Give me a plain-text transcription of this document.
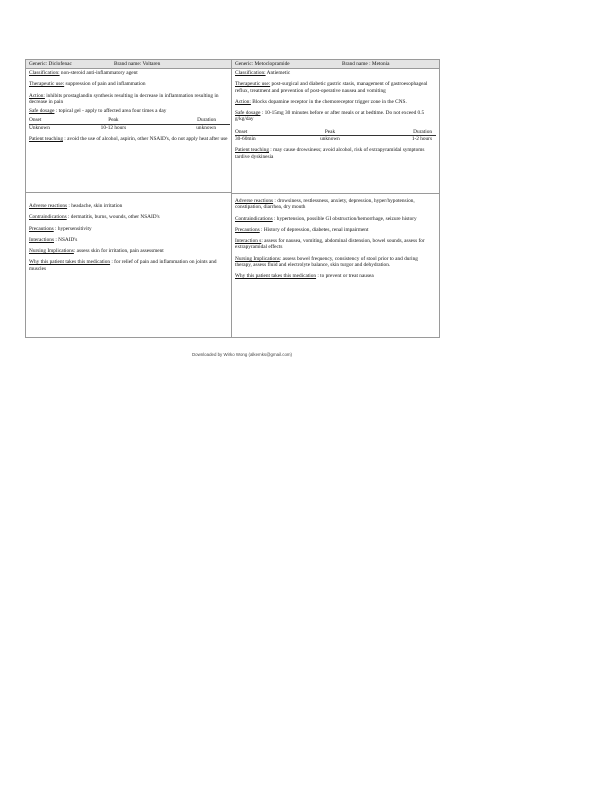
Generic: Diclofenac	Brand name: Voltaren
Classification: non-steroid anti-inflammatory agent
Therapeutic use: suppression of pain and inflammation
Action: inhibits prostaglandin synthesis resulting in decrease in inflammation resulting in decrease in pain
Safe dosage : topical gel - apply to affected area four times a day
Onset	Peak	Duration
Unknown	10-12 hours	unknown
Patient teaching : avoid the use of alcohol, aspirin, other NSAID's, do not apply heat after use
Adverse reactions : headache, skin irritation
Contraindications : dermatitis, burns, wounds, other NSAID's
Precautions : hypersensitivity
Interactions : NSAID's
Nursing Implications: assess skin for irritation, pain assessment
Why this patient takes this medication : for relief of pain and inflammation on joints and muscles
Generic: Metoclopramide	Brand name : Metonia
Classification: Antiemetic
Therapeutic use: post-surgical and diabetic gastric stasis, management of gastroesophageal reflux, treatment and prevention of post-operative nausea and vomiting
Action: Blocks dopamine receptor in the chemoreceptor trigger zone in the CNS.
Safe dosage : 10-15mg 30 minutes before or after meals or at bedtime. Do not exceed 0.5 g/kg/day
Onset	Peak	Duration
30-60min	unknown	1-2 hours
Patient teaching : may cause drowsiness; avoid alcohol, risk of extrapyramidal symptoms tardive dyskinesia
Adverse reactions : drowsiness, restlessness, anxiety, depression, hyper/hypotension, constipation, diarrhea, dry mouth
Contraindications : hypertension, possible GI obstruction/hemorrhage, seizure history
Precautions : History of depression, diabetes, renal impairment
Interaction s: assess for nausea, vomiting, abdominal distension, bowel sounds, assess for extrapyramidal effects
Nursing Implications: assess bowel frequency, consistency of stool prior to and during therapy, assess fluid and electrolyte balance, skin turgor and dehydration.
Why this patient takes this medication : to prevent or treat nausea
Downloaded by Wirko Wong (alkemks@gmail.com)
